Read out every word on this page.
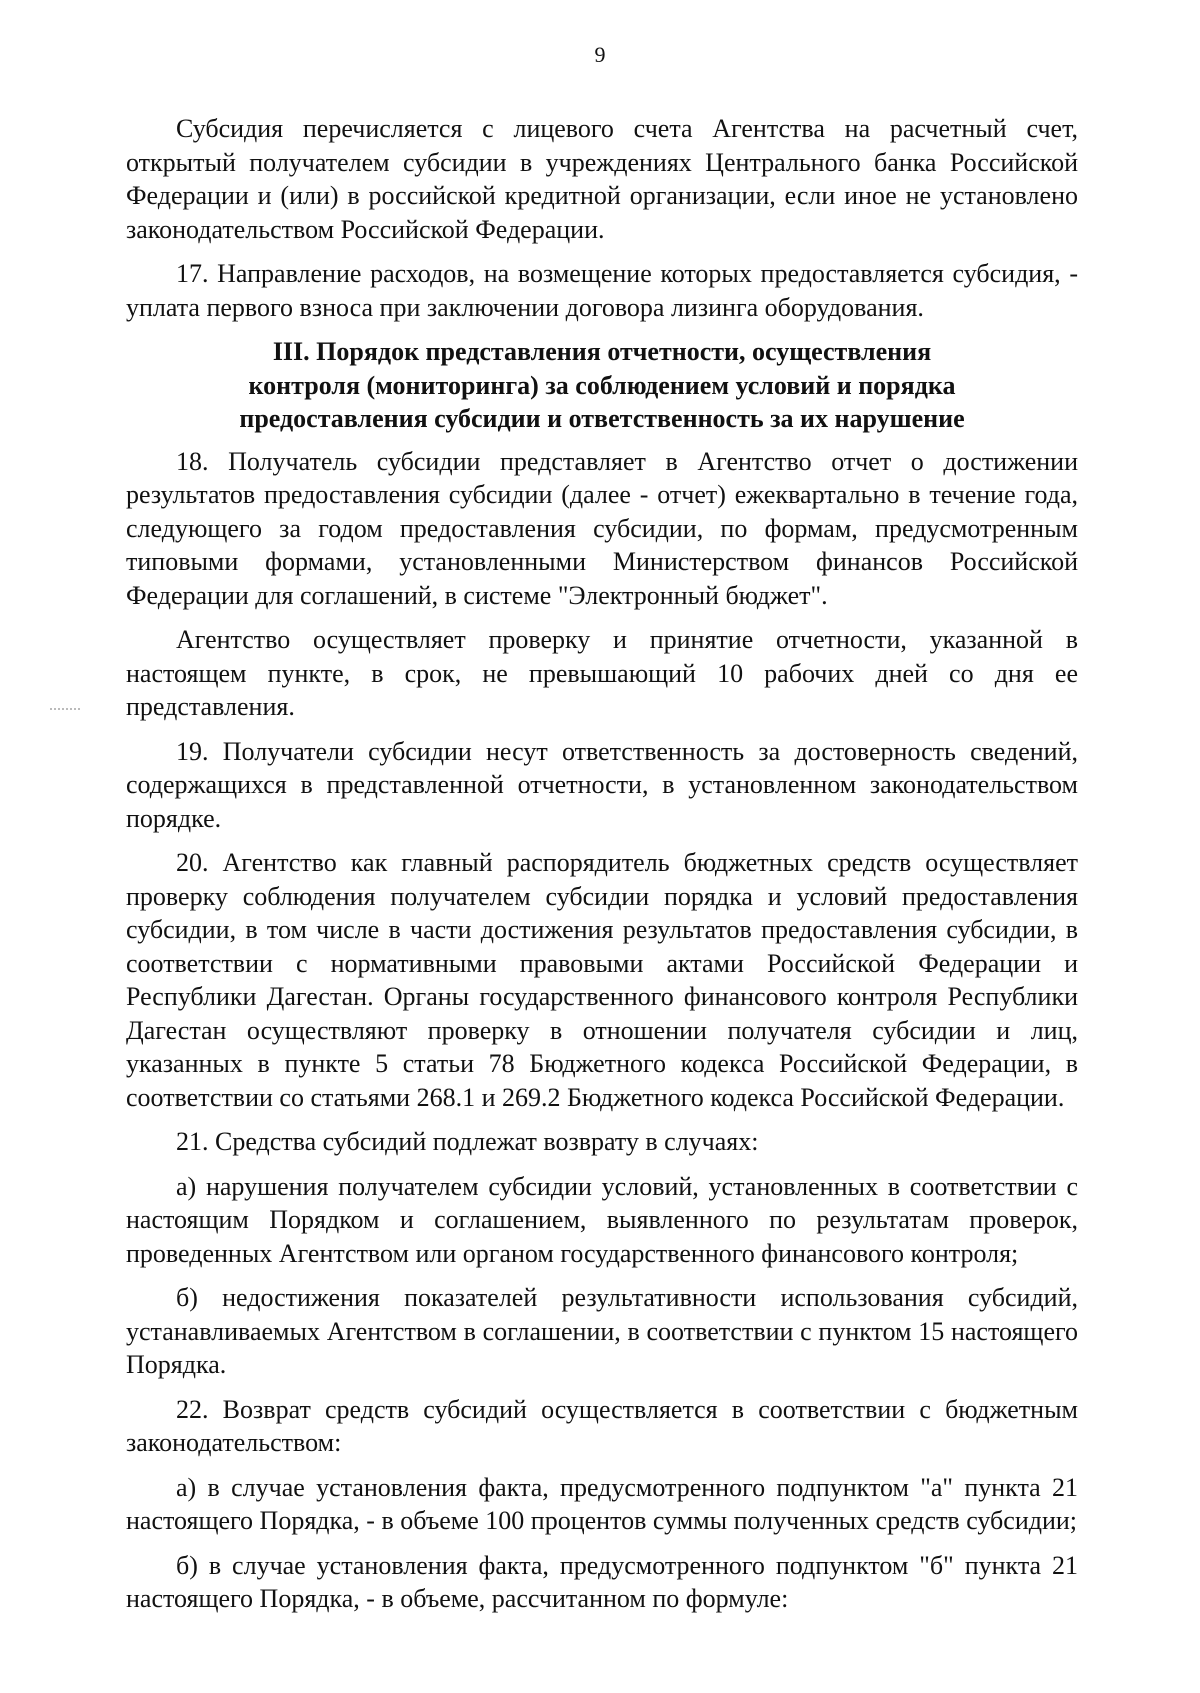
9

Субсидия перечисляется с лицевого счета Агентства на расчетный счет, открытый получателем субсидии в учреждениях Центрального банка Российской Федерации и (или) в российской кредитной организации, если иное не установлено законодательством Российской Федерации.

17. Направление расходов, на возмещение которых предоставляется субсидия, - уплата первого взноса при заключении договора лизинга оборудования.

III. Порядок представления отчетности, осуществления
контроля (мониторинга) за соблюдением условий и порядка
предоставления субсидии и ответственность за их нарушение

18. Получатель субсидии представляет в Агентство отчет о достижении результатов предоставления субсидии (далее - отчет) ежеквартально в течение года, следующего за годом предоставления субсидии, по формам, предусмотренным типовыми формами, установленными Министерством финансов Российской Федерации для соглашений, в системе "Электронный бюджет".

Агентство осуществляет проверку и принятие отчетности, указанной в настоящем пункте, в срок, не превышающий 10 рабочих дней со дня ее представления.

19. Получатели субсидии несут ответственность за достоверность сведений, содержащихся в представленной отчетности, в установленном законодательством порядке.

20. Агентство как главный распорядитель бюджетных средств осуществляет проверку соблюдения получателем субсидии порядка и условий предоставления субсидии, в том числе в части достижения результатов предоставления субсидии, в соответствии с нормативными правовыми актами Российской Федерации и Республики Дагестан. Органы государственного финансового контроля Республики Дагестан осуществляют проверку в отношении получателя субсидии и лиц, указанных в пункте 5 статьи 78 Бюджетного кодекса Российской Федерации, в соответствии со статьями 268.1 и 269.2 Бюджетного кодекса Российской Федерации.

21. Средства субсидий подлежат возврату в случаях:

а) нарушения получателем субсидии условий, установленных в соответствии с настоящим Порядком и соглашением, выявленного по результатам проверок, проведенных Агентством или органом государственного финансового контроля;

б) недостижения показателей результативности использования субсидий, устанавливаемых Агентством в соглашении, в соответствии с пунктом 15 настоящего Порядка.

22. Возврат средств субсидий осуществляется в соответствии с бюджетным законодательством:

а) в случае установления факта, предусмотренного подпунктом "а" пункта 21 настоящего Порядка, - в объеме 100 процентов суммы полученных средств субсидии;

б) в случае установления факта, предусмотренного подпунктом "б" пункта 21 настоящего Порядка, - в объеме, рассчитанном по формуле:
